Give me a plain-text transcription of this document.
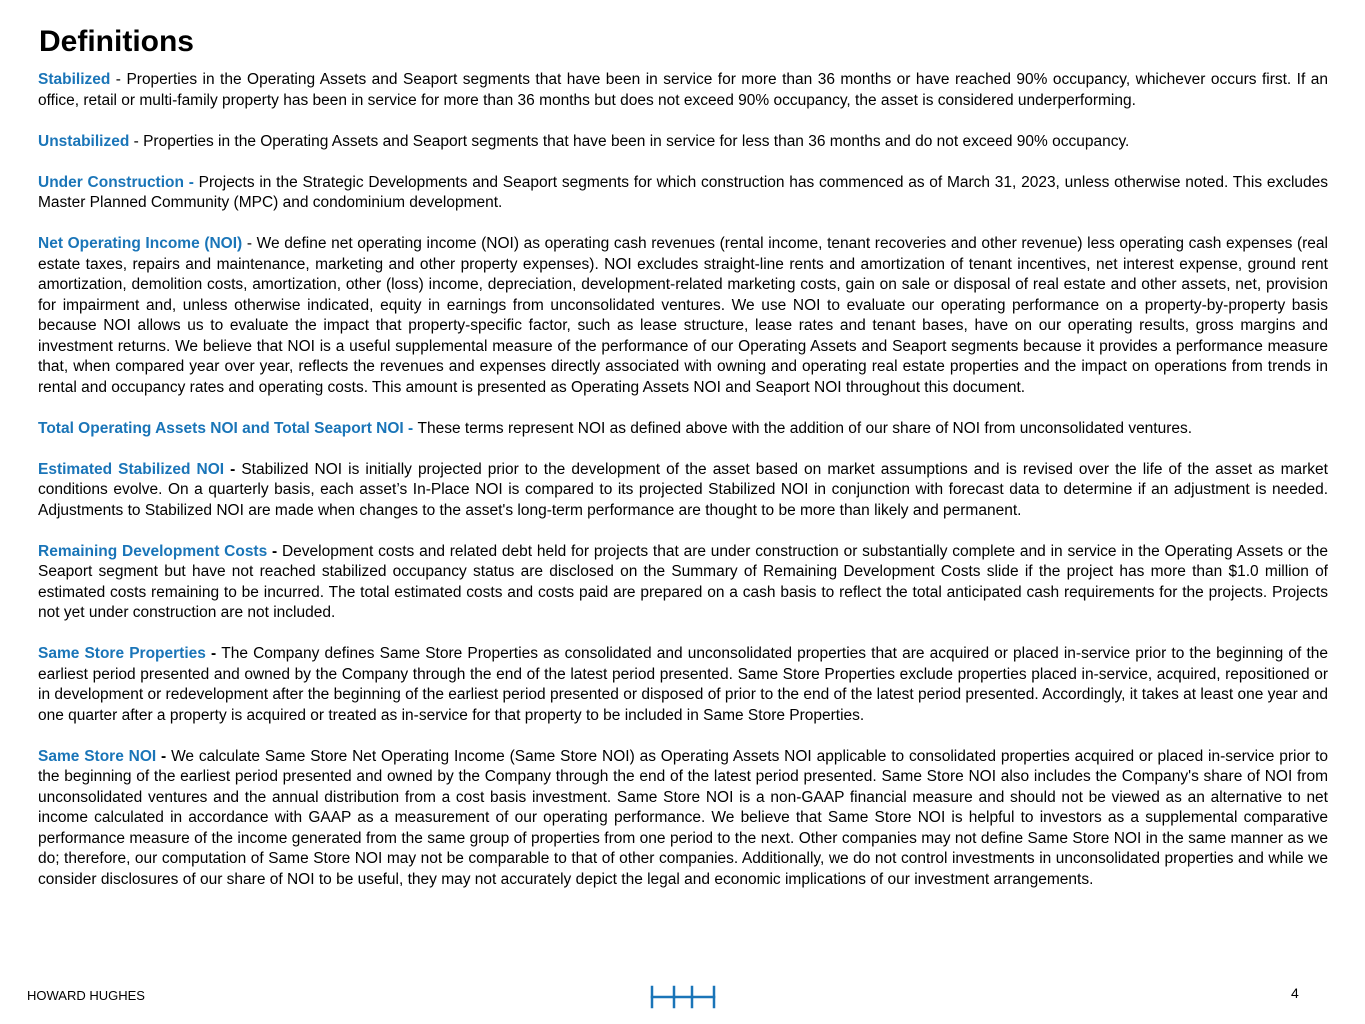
Definitions

Stabilized - Properties in the Operating Assets and Seaport segments that have been in service for more than 36 months or have reached 90% occupancy, whichever occurs first. If an office, retail or multi-family property has been in service for more than 36 months but does not exceed 90% occupancy, the asset is considered underperforming.

Unstabilized - Properties in the Operating Assets and Seaport segments that have been in service for less than 36 months and do not exceed 90% occupancy.

Under Construction - Projects in the Strategic Developments and Seaport segments for which construction has commenced as of March 31, 2023, unless otherwise noted. This excludes Master Planned Community (MPC) and condominium development.

Net Operating Income (NOI) - We define net operating income (NOI) as operating cash revenues (rental income, tenant recoveries and other revenue) less operating cash expenses (real estate taxes, repairs and maintenance, marketing and other property expenses). NOI excludes straight-line rents and amortization of tenant incentives, net interest expense, ground rent amortization, demolition costs, amortization, other (loss) income, depreciation, development-related marketing costs, gain on sale or disposal of real estate and other assets, net, provision for impairment and, unless otherwise indicated, equity in earnings from unconsolidated ventures. We use NOI to evaluate our operating performance on a property-by-property basis because NOI allows us to evaluate the impact that property-specific factor, such as lease structure, lease rates and tenant bases, have on our operating results, gross margins and investment returns. We believe that NOI is a useful supplemental measure of the performance of our Operating Assets and Seaport segments because it provides a performance measure that, when compared year over year, reflects the revenues and expenses directly associated with owning and operating real estate properties and the impact on operations from trends in rental and occupancy rates and operating costs. This amount is presented as Operating Assets NOI and Seaport NOI throughout this document.

Total Operating Assets NOI and Total Seaport NOI - These terms represent NOI as defined above with the addition of our share of NOI from unconsolidated ventures.

Estimated Stabilized NOI - Stabilized NOI is initially projected prior to the development of the asset based on market assumptions and is revised over the life of the asset as market conditions evolve. On a quarterly basis, each asset’s In-Place NOI is compared to its projected Stabilized NOI in conjunction with forecast data to determine if an adjustment is needed. Adjustments to Stabilized NOI are made when changes to the asset's long-term performance are thought to be more than likely and permanent.

Remaining Development Costs - Development costs and related debt held for projects that are under construction or substantially complete and in service in the Operating Assets or the Seaport segment but have not reached stabilized occupancy status are disclosed on the Summary of Remaining Development Costs slide if the project has more than $1.0 million of estimated costs remaining to be incurred. The total estimated costs and costs paid are prepared on a cash basis to reflect the total anticipated cash requirements for the projects. Projects not yet under construction are not included.

Same Store Properties - The Company defines Same Store Properties as consolidated and unconsolidated properties that are acquired or placed in-service prior to the beginning of the earliest period presented and owned by the Company through the end of the latest period presented. Same Store Properties exclude properties placed in-service, acquired, repositioned or in development or redevelopment after the beginning of the earliest period presented or disposed of prior to the end of the latest period presented. Accordingly, it takes at least one year and one quarter after a property is acquired or treated as in-service for that property to be included in Same Store Properties.

Same Store NOI - We calculate Same Store Net Operating Income (Same Store NOI) as Operating Assets NOI applicable to consolidated properties acquired or placed in-service prior to the beginning of the earliest period presented and owned by the Company through the end of the latest period presented. Same Store NOI also includes the Company's share of NOI from unconsolidated ventures and the annual distribution from a cost basis investment. Same Store NOI is a non-GAAP financial measure and should not be viewed as an alternative to net income calculated in accordance with GAAP as a measurement of our operating performance. We believe that Same Store NOI is helpful to investors as a supplemental comparative performance measure of the income generated from the same group of properties from one period to the next. Other companies may not define Same Store NOI in the same manner as we do; therefore, our computation of Same Store NOI may not be comparable to that of other companies. Additionally, we do not control investments in unconsolidated properties and while we consider disclosures of our share of NOI to be useful, they may not accurately depict the legal and economic implications of our investment arrangements.

HOWARD HUGHES	4
